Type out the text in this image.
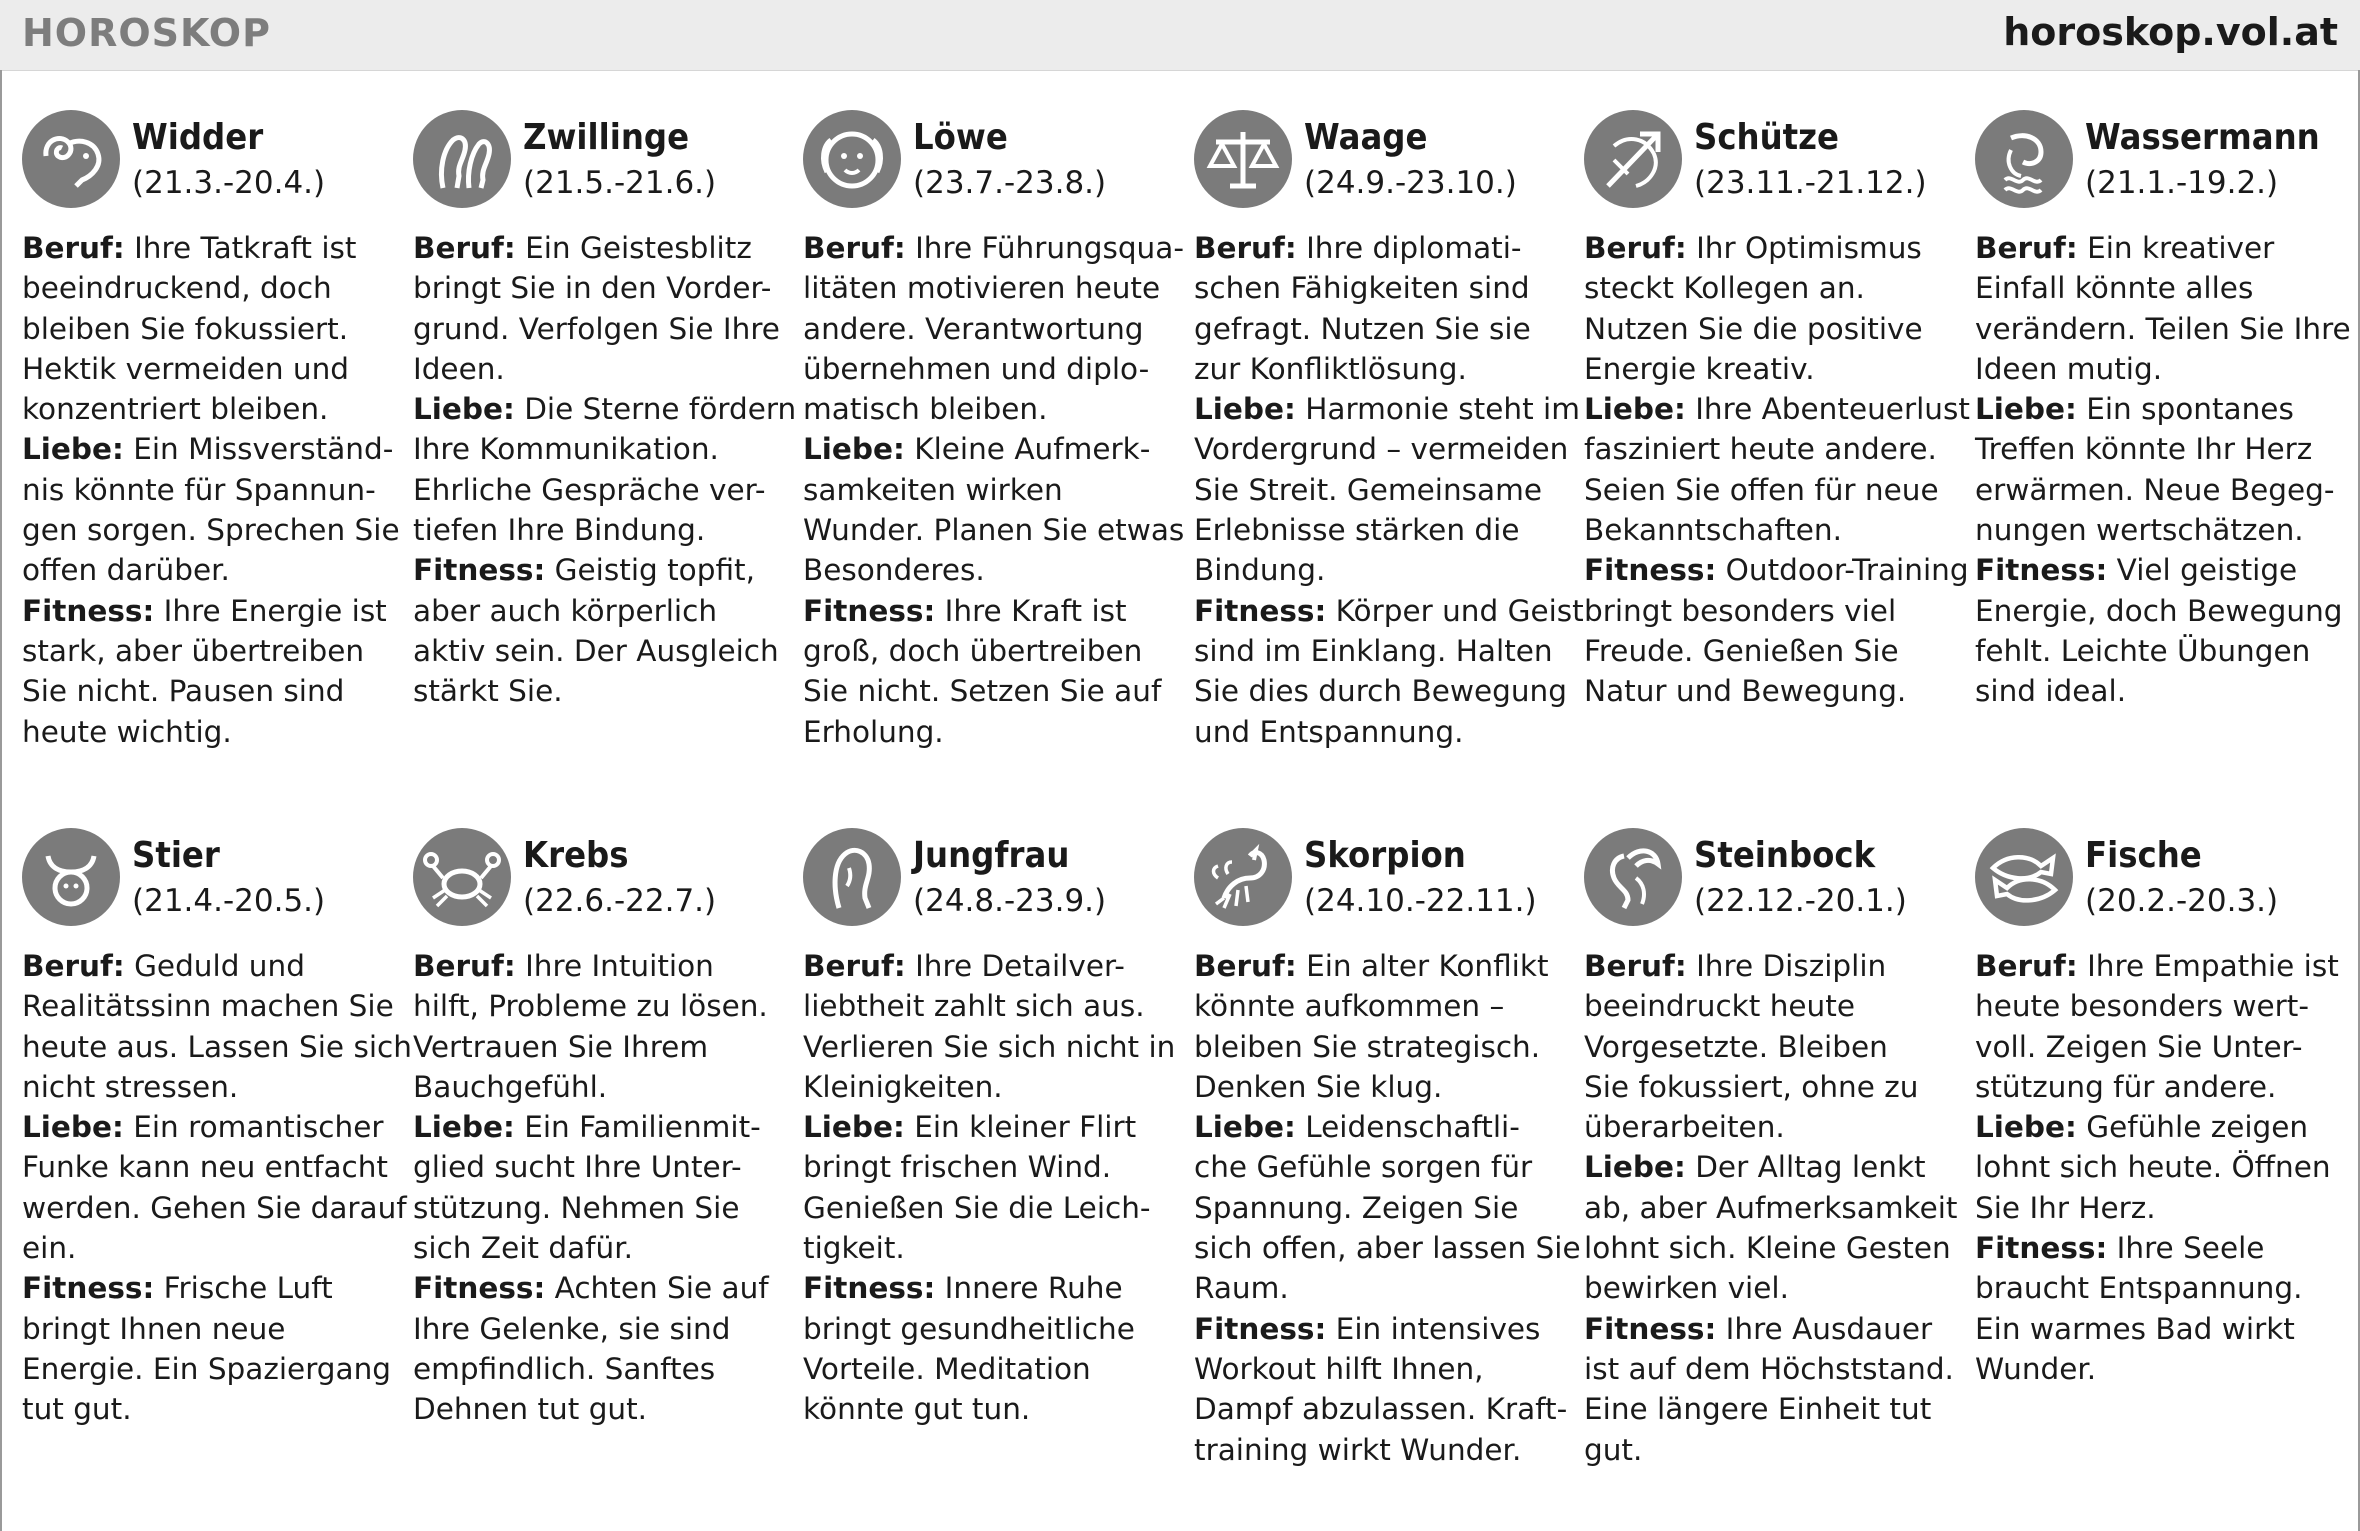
HOROSKOP	horoskop.vol.at
Widder
(21.3.-20.4.)
Beruf: Ihre Tatkraft ist
beeindruckend, doch
bleiben Sie fokussiert.
Hektik vermeiden und
konzentriert bleiben.
Liebe: Ein Missverständ-
nis könnte für Spannun-
gen sorgen. Sprechen Sie
offen darüber.
Fitness: Ihre Energie ist
stark, aber übertreiben
Sie nicht. Pausen sind
heute wichtig.
Zwillinge
(21.5.-21.6.)
Beruf: Ein Geistesblitz
bringt Sie in den Vorder-
grund. Verfolgen Sie Ihre
Ideen.
Liebe: Die Sterne fördern
Ihre Kommunikation.
Ehrliche Gespräche ver-
tiefen Ihre Bindung.
Fitness: Geistig topfit,
aber auch körperlich
aktiv sein. Der Ausgleich
stärkt Sie.
Löwe
(23.7.-23.8.)
Beruf: Ihre Führungsqua-
litäten motivieren heute
andere. Verantwortung
übernehmen und diplo-
matisch bleiben.
Liebe: Kleine Aufmerk-
samkeiten wirken
Wunder. Planen Sie etwas
Besonderes.
Fitness: Ihre Kraft ist
groß, doch übertreiben
Sie nicht. Setzen Sie auf
Erholung.
Waage
(24.9.-23.10.)
Beruf: Ihre diplomati-
schen Fähigkeiten sind
gefragt. Nutzen Sie sie
zur Konfliktlösung.
Liebe: Harmonie steht im
Vordergrund – vermeiden
Sie Streit. Gemeinsame
Erlebnisse stärken die
Bindung.
Fitness: Körper und Geist
sind im Einklang. Halten
Sie dies durch Bewegung
und Entspannung.
Schütze
(23.11.-21.12.)
Beruf: Ihr Optimismus
steckt Kollegen an.
Nutzen Sie die positive
Energie kreativ.
Liebe: Ihre Abenteuerlust
fasziniert heute andere.
Seien Sie offen für neue
Bekanntschaften.
Fitness: Outdoor-Training
bringt besonders viel
Freude. Genießen Sie
Natur und Bewegung.
Wassermann
(21.1.-19.2.)
Beruf: Ein kreativer
Einfall könnte alles
verändern. Teilen Sie Ihre
Ideen mutig.
Liebe: Ein spontanes
Treffen könnte Ihr Herz
erwärmen. Neue Begeg-
nungen wertschätzen.
Fitness: Viel geistige
Energie, doch Bewegung
fehlt. Leichte Übungen
sind ideal.
Stier
(21.4.-20.5.)
Beruf: Geduld und
Realitätssinn machen Sie
heute aus. Lassen Sie sich
nicht stressen.
Liebe: Ein romantischer
Funke kann neu entfacht
werden. Gehen Sie darauf
ein.
Fitness: Frische Luft
bringt Ihnen neue
Energie. Ein Spaziergang
tut gut.
Krebs
(22.6.-22.7.)
Beruf: Ihre Intuition
hilft, Probleme zu lösen.
Vertrauen Sie Ihrem
Bauchgefühl.
Liebe: Ein Familienmit-
glied sucht Ihre Unter-
stützung. Nehmen Sie
sich Zeit dafür.
Fitness: Achten Sie auf
Ihre Gelenke, sie sind
empfindlich. Sanftes
Dehnen tut gut.
Jungfrau
(24.8.-23.9.)
Beruf: Ihre Detailver-
liebtheit zahlt sich aus.
Verlieren Sie sich nicht in
Kleinigkeiten.
Liebe: Ein kleiner Flirt
bringt frischen Wind.
Genießen Sie die Leich-
tigkeit.
Fitness: Innere Ruhe
bringt gesundheitliche
Vorteile. Meditation
könnte gut tun.
Skorpion
(24.10.-22.11.)
Beruf: Ein alter Konflikt
könnte aufkommen –
bleiben Sie strategisch.
Denken Sie klug.
Liebe: Leidenschaftli-
che Gefühle sorgen für
Spannung. Zeigen Sie
sich offen, aber lassen Sie
Raum.
Fitness: Ein intensives
Workout hilft Ihnen,
Dampf abzulassen. Kraft-
training wirkt Wunder.
Steinbock
(22.12.-20.1.)
Beruf: Ihre Disziplin
beeindruckt heute
Vorgesetzte. Bleiben
Sie fokussiert, ohne zu
überarbeiten.
Liebe: Der Alltag lenkt
ab, aber Aufmerksamkeit
lohnt sich. Kleine Gesten
bewirken viel.
Fitness: Ihre Ausdauer
ist auf dem Höchststand.
Eine längere Einheit tut
gut.
Fische
(20.2.-20.3.)
Beruf: Ihre Empathie ist
heute besonders wert-
voll. Zeigen Sie Unter-
stützung für andere.
Liebe: Gefühle zeigen
lohnt sich heute. Öffnen
Sie Ihr Herz.
Fitness: Ihre Seele
braucht Entspannung.
Ein warmes Bad wirkt
Wunder.
